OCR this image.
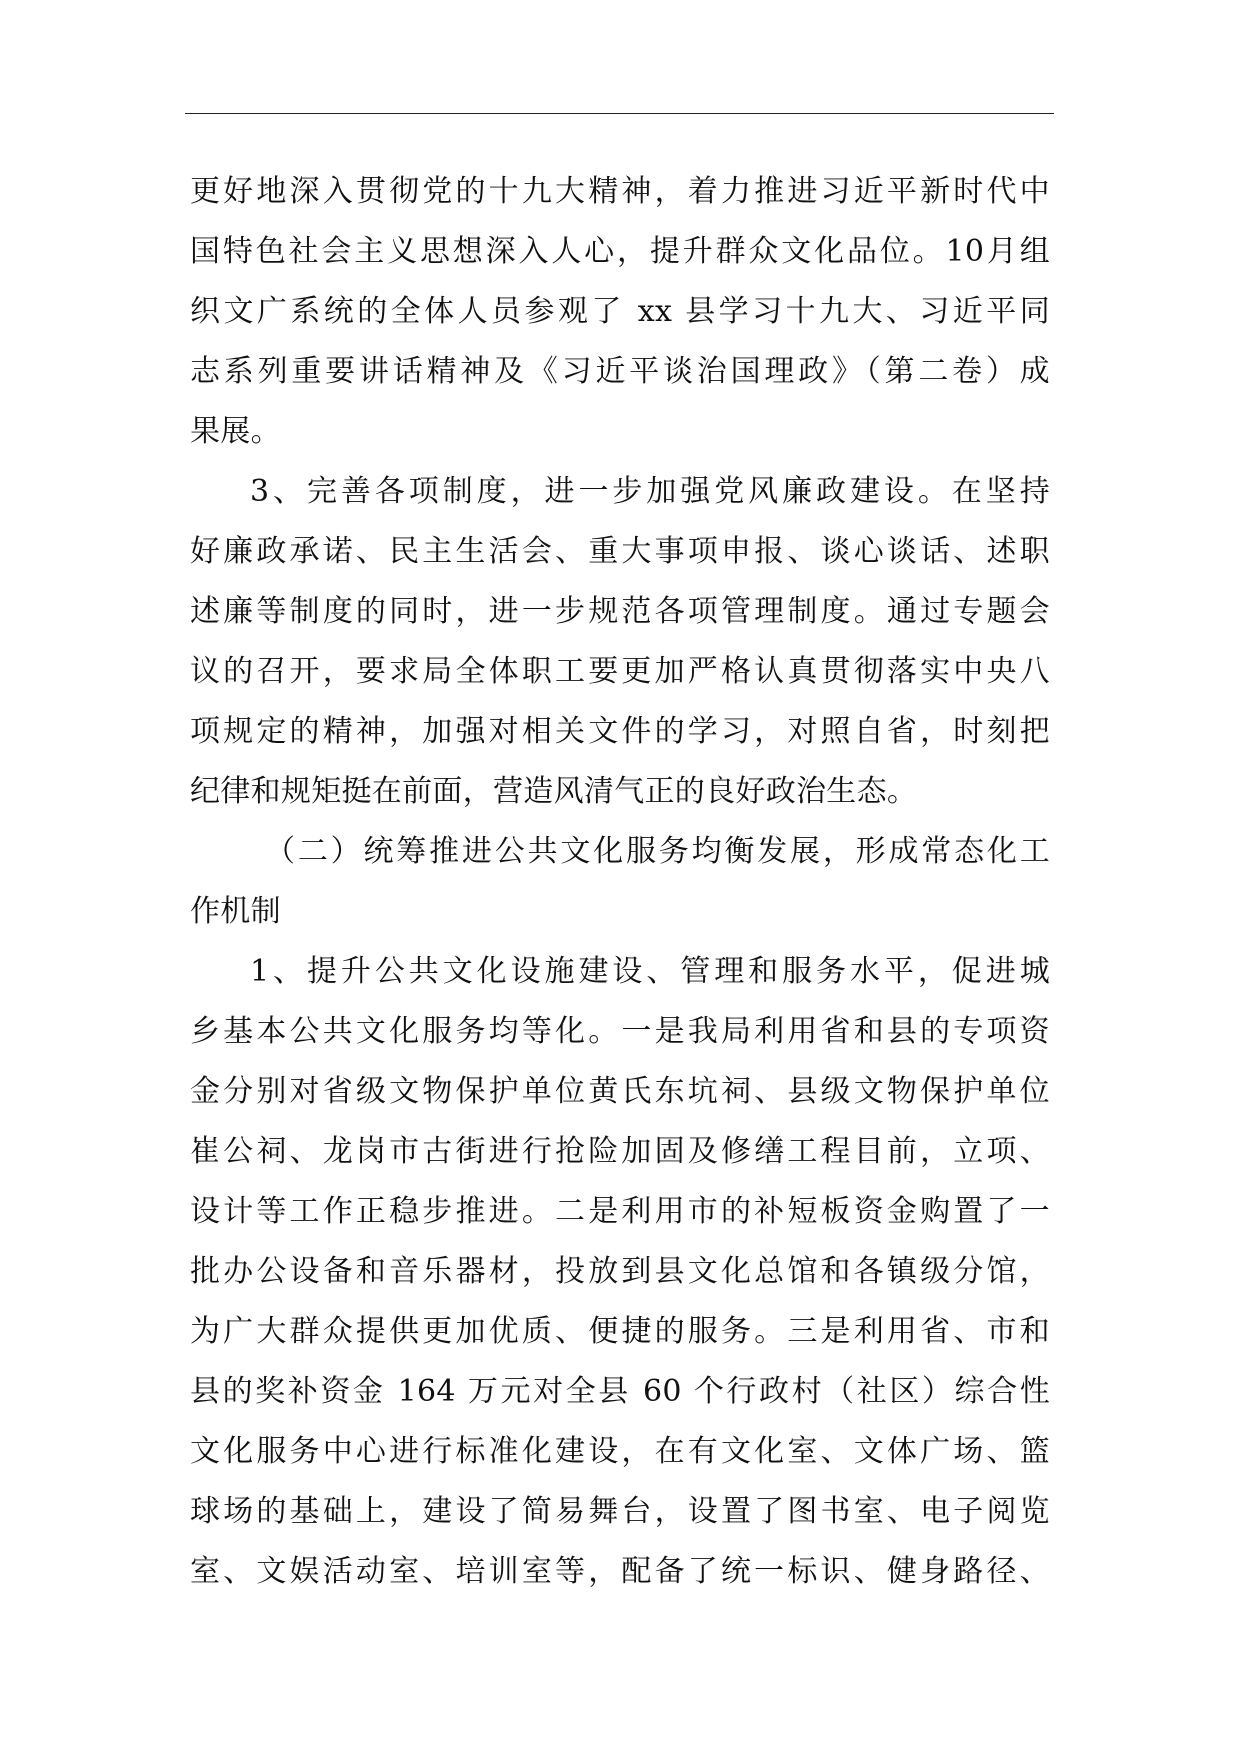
更好地深入贯彻党的十九大精神，着力推进习近平新时代中
国特色社会主义思想深入人心，提升群众文化品位。10月组
织文广系统的全体人员参观了 xx 县学习十九大、习近平同
志系列重要讲话精神及《习近平谈治国理政》（第二卷）成
果展。
3、完善各项制度，进一步加强党风廉政建设。在坚持
好廉政承诺、民主生活会、重大事项申报、谈心谈话、述职
述廉等制度的同时，进一步规范各项管理制度。通过专题会
议的召开，要求局全体职工要更加严格认真贯彻落实中央八
项规定的精神，加强对相关文件的学习，对照自省，时刻把
纪律和规矩挺在前面，营造风清气正的良好政治生态。
（二）统筹推进公共文化服务均衡发展，形成常态化工
作机制
1、提升公共文化设施建设、管理和服务水平，促进城
乡基本公共文化服务均等化。一是我局利用省和县的专项资
金分别对省级文物保护单位黄氏东坑祠、县级文物保护单位
崔公祠、龙岗市古街进行抢险加固及修缮工程目前，立项、
设计等工作正稳步推进。二是利用市的补短板资金购置了一
批办公设备和音乐器材，投放到县文化总馆和各镇级分馆，
为广大群众提供更加优质、便捷的服务。三是利用省、市和
县的奖补资金 164 万元对全县 60 个行政村（社区）综合性
文化服务中心进行标准化建设，在有文化室、文体广场、篮
球场的基础上，建设了简易舞台，设置了图书室、电子阅览
室、文娱活动室、培训室等，配备了统一标识、健身路径、
